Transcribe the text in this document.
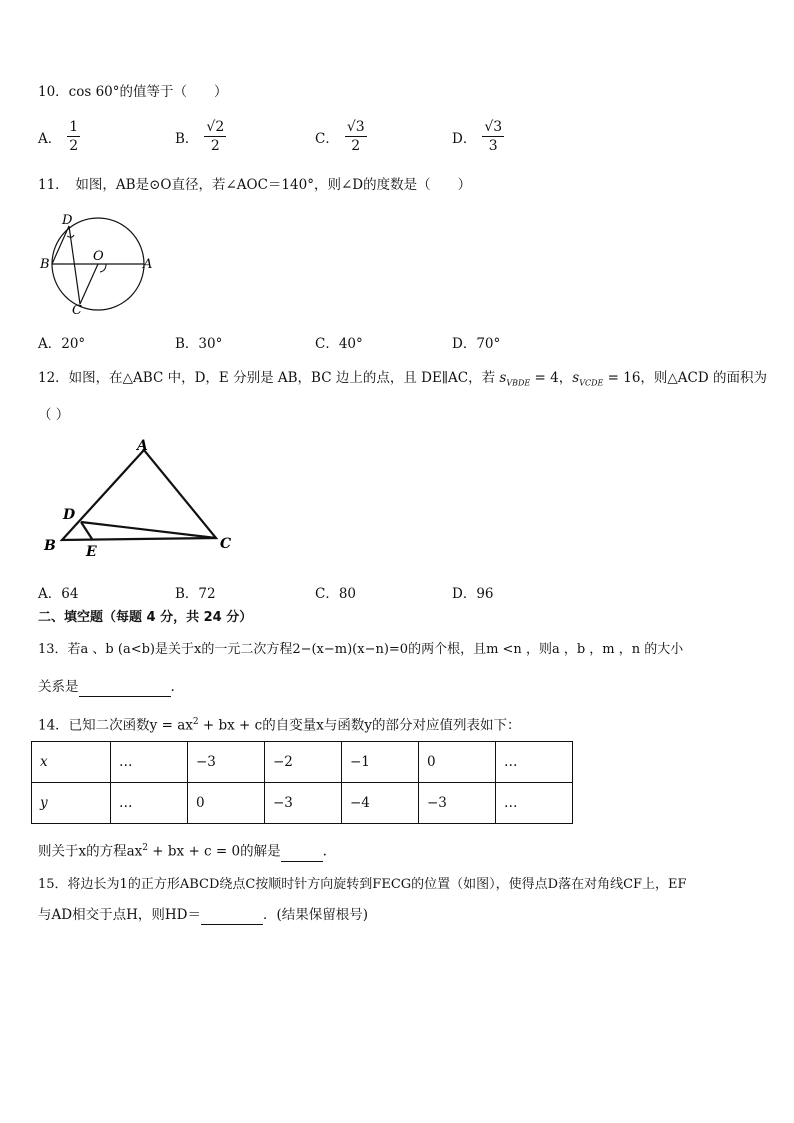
10．cos 60°的值等于（　　）
A． $\frac{1}{2}$	B． $\frac{√2}{2}$	C． $\frac{√3}{2}$	D． $\frac{√3}{3}$
11．　如图，AB是⊙O直径，若∠AOC＝140°，则∠D的度数是（　　）
D
B
O
A
C
A．20°	B．30°	C．40°	D．70°
12．如图，在△ABC 中，D，E 分别是 AB，BC 边上的点，且 DE∥AC，若 $s_{VBDE} = 4$，$s_{VCDE} = 16$，则△ACD 的面积为
（ ）
A
D
B E	C
A．64	B．72	C．80	D．96
二、填空题（每题 4 分，共 24 分）
13．若a 、b (a<b)是关于x的一元二次方程2−(x−m)(x−n)=0的两个根，且m <n ，则a ，b ，m ，n 的大小
关系是	.
14．已知二次函数$y = ax^2$ + bx + c的自变量x与函数y的部分对应值列表如下：
x	…	−3	−2	−1	0	…
y	…	0	−3	−4	−3	…
则关于x的方程$ax^2$ + bx + c = 0的解是	.
15．将边长为1的正方形ABCD绕点C按顺时针方向旋转到FECG的位置（如图），使得点D落在对角线CF上，EF
与AD相交于点H，则HD＝	．(结果保留根号)
